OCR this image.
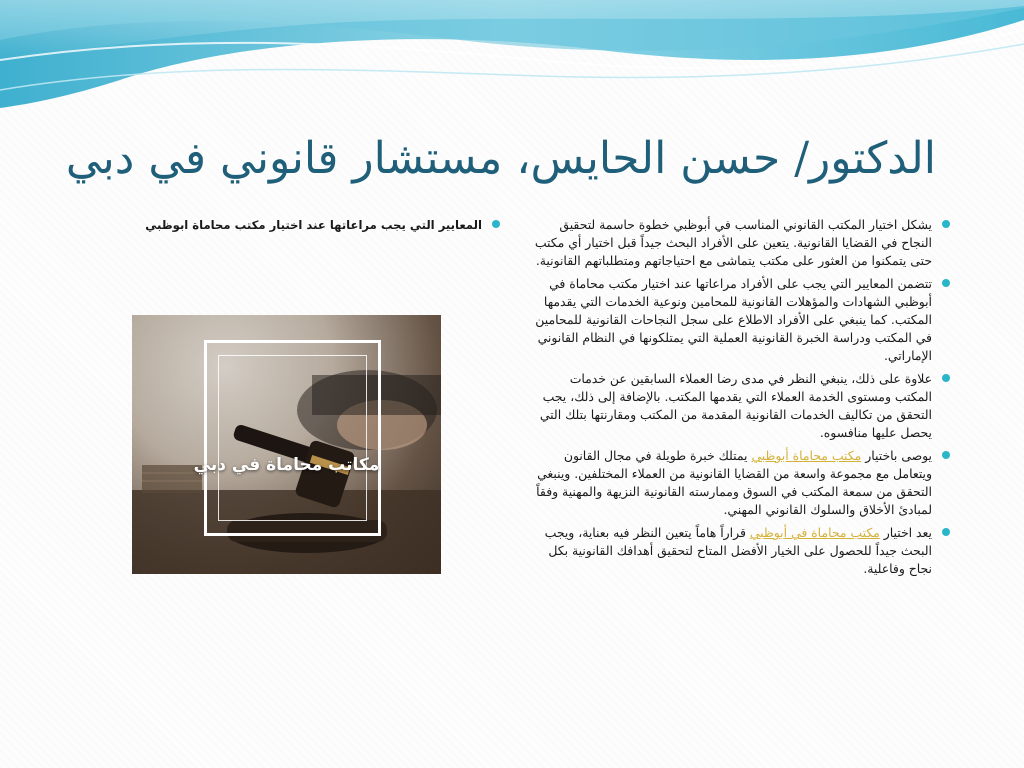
الدكتور/ حسن الحايس، مستشار قانوني في دبي
يشكل اختيار المكتب القانوني المناسب في أبوظبي خطوة حاسمة لتحقيق النجاح في القضايا القانونية. يتعين على الأفراد البحث جيداً قبل اختيار أي مكتب حتى يتمكنوا من العثور على مكتب يتماشى مع احتياجاتهم ومتطلباتهم القانونية.
تتضمن المعايير التي يجب على الأفراد مراعاتها عند اختيار مكتب محاماة في أبوظبي الشهادات والمؤهلات القانونية للمحامين ونوعية الخدمات التي يقدمها المكتب. كما ينبغي على الأفراد الاطلاع على سجل النجاحات القانونية للمحامين في المكتب ودراسة الخبرة القانونية العملية التي يمتلكونها في النظام القانوني الإماراتي.
علاوة على ذلك، ينبغي النظر في مدى رضا العملاء السابقين عن خدمات المكتب ومستوى الخدمة العملاء التي يقدمها المكتب. بالإضافة إلى ذلك، يجب التحقق من تكاليف الخدمات القانونية المقدمة من المكتب ومقارنتها بتلك التي يحصل عليها منافسوه.
يوصى باختيار مكتب محاماة أبوظبي يمتلك خبرة طويلة في مجال القانون ويتعامل مع مجموعة واسعة من القضايا القانونية من العملاء المختلفين. وينبغي التحقق من سمعة المكتب في السوق وممارسته القانونية النزيهة والمهنية وفقاً لمبادئ الأخلاق والسلوك القانوني المهني.
يعد اختيار مكتب محاماة في أبوظبي قراراً هاماً يتعين النظر فيه بعناية، ويجب البحث جيداً للحصول على الخيار الأفضل المتاح لتحقيق أهدافك القانونية بكل نجاح وفاعلية.
المعايير التي يجب مراعاتها عند اختيار مكتب محاماة ابوظبي
مكاتب محاماة في دبي
